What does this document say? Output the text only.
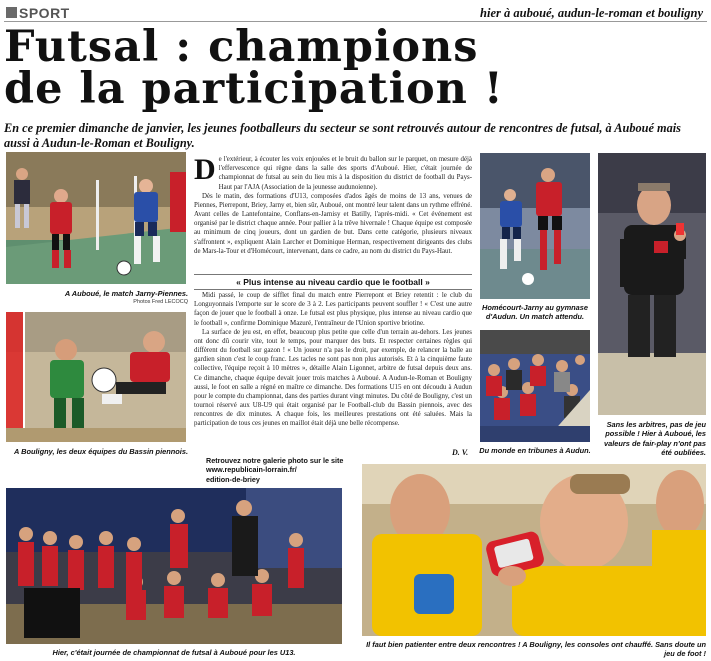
SPORT	hier à auboué, audun-le-roman et bouligny
Futsal : champions
de la participation !

En ce premier dimanche de janvier, les jeunes footballeurs du secteur se sont retrouvés autour de rencontres de futsal, à Auboué mais aussi à Audun-le-Roman et Bouligny.

A Auboué, le match Jarny-Piennes.
Photos Fred LECOCQ
A Bouligny, les deux équipes du Bassin piennois.
D e l'extérieur, à écouter les voix enjouées et le bruit du ballon sur le parquet, on mesure déjà l'effervescence qui règne dans la salle des sports d'Auboué. Hier, c'était journée de championnat de futsal au sein du lieu mis à la disposition du district de football du Pays-Haut par l'AJA (Association de la jeunesse audunoienne).
Dès le matin, des formations d'U13, composées d'ados âgés de moins de 13 ans, venues de Piennes, Pierrepont, Briey, Jarny et, bien sûr, Auboué, ont montré leur talent dans un rythme effréné. Avant celles de Lantefontaine, Conflans-en-Jarnisy et Batilly, l'après-midi. « Cet événement est organisé par le district chaque année. Pour pallier à la trêve hivernale ! Chaque équipe est composée au minimum de cinq joueurs, dont un gardien de but. Dans cette catégorie, plusieurs niveaux s'affrontent », expliquent Alain Larcher et Dominique Herman, respectivement dirigeants des clubs de Mars-la-Tour et d'Homécourt, intervenant, dans ce cadre, au nom du district du Pays-Haut.
« Plus intense au niveau cardio que le football »
Midi passé, le coup de sifflet final du match entre Pierrepont et Briey retentit : le club du Longuyonnais l'emporte sur le score de 3 à 2. Les participants peuvent souffler ! « C'est une autre façon de jouer que le football à onze. Le futsal est plus physique, plus intense au niveau cardio que le football », confirme Dominique Mazuré, l'entraîneur de l'Union sportive briotine.
La surface de jeu est, en effet, beaucoup plus petite que celle d'un terrain au-dehors. Les jeunes ont donc dû courir vite, tout le temps, pour marquer des buts. Et respecter certaines règles qui diffèrent du football sur gazon ! « Un joueur n'a pas le droit, par exemple, de relancer la balle au gardien sinon c'est le coup franc. Les tacles ne sont pas non plus autorisés. Et à la cinquième faute collective, l'équipe reçoit à 10 mètres », détaille Alain Ligonnet, arbitre de futsal depuis deux ans. Ce dimanche, chaque équipe devait jouer trois matches à Auboué. A Audun-le-Roman et Bouligny aussi, le foot en salle a régné en maître ce dimanche. Des formations U15 en ont découdu à Audun pour le compte du championnat, dans des parties durant vingt minutes. Du côté de Bouligny, c'est un tournoi réservé aux U8-U9 qui était organisé par le Football-club du Bassin piennois, avec des rencontres de dix minutes. A chaque fois, les meilleures prestations ont été saluées. Mais la participation de tous ces jeunes en maillot était déjà une belle récompense.
Homécourt-Jarny au gymnase d'Audun. Un match attendu.
Du monde en tribunes à Audun.
D. V.
Sans les arbitres, pas de jeu possible ! Hier à Auboué, les valeurs de fair-play n'ont pas été oubliées.
Retrouvez notre galerie photo sur le site
www.republicain-lorrain.fr/
edition-de-briey
Hier, c'était journée de championnat de futsal à Auboué pour les U13.
Il faut bien patienter entre deux rencontres ! A Bouligny, les consoles ont chauffé. Sans doute un jeu de foot !
